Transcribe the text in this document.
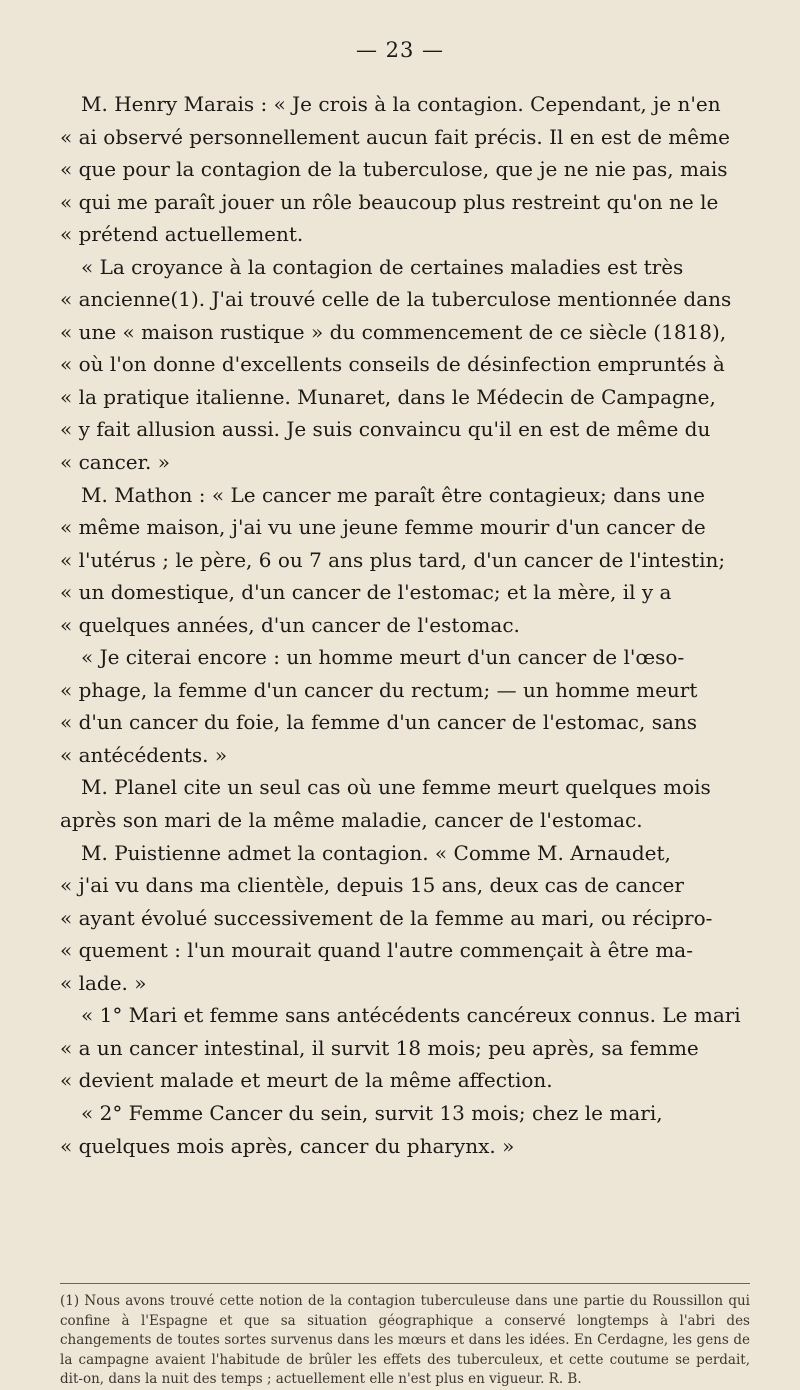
— 23 —
M. Henry Marais : « Je crois à la contagion. Cependant, je n'en
« ai observé personnellement aucun fait précis. Il en est de même
« que pour la contagion de la tuberculose, que je ne nie pas, mais
« qui me paraît jouer un rôle beaucoup plus restreint qu'on ne le
« prétend actuellement.
« La croyance à la contagion de certaines maladies est très
« ancienne(1). J'ai trouvé celle de la tuberculose mentionnée dans
« une « maison rustique » du commencement de ce siècle (1818),
« où l'on donne d'excellents conseils de désinfection empruntés à
« la pratique italienne. Munaret, dans le Médecin de Campagne,
« y fait allusion aussi. Je suis convaincu qu'il en est de même du
« cancer. »
M. Mathon : « Le cancer me paraît être contagieux; dans une
« même maison, j'ai vu une jeune femme mourir d'un cancer de
« l'utérus ; le père, 6 ou 7 ans plus tard, d'un cancer de l'intestin;
« un domestique, d'un cancer de l'estomac; et la mère, il y a
« quelques années, d'un cancer de l'estomac.
« Je citerai encore : un homme meurt d'un cancer de l'œso-
« phage, la femme d'un cancer du rectum; — un homme meurt
« d'un cancer du foie, la femme d'un cancer de l'estomac, sans
« antécédents. »
M. Planel cite un seul cas où une femme meurt quelques mois
après son mari de la même maladie, cancer de l'estomac.
M. Puistienne admet la contagion. « Comme M. Arnaudet,
« j'ai vu dans ma clientèle, depuis 15 ans, deux cas de cancer
« ayant évolué successivement de la femme au mari, ou récipro-
« quement : l'un mourait quand l'autre commençait à être ma-
« lade. »
« 1° Mari et femme sans antécédents cancéreux connus. Le mari
« a un cancer intestinal, il survit 18 mois; peu après, sa femme
« devient malade et meurt de la même affection.
« 2° Femme Cancer du sein, survit 13 mois; chez le mari,
« quelques mois après, cancer du pharynx. »
(1) Nous avons trouvé cette notion de la contagion tuberculeuse dans une partie du Roussillon qui confine à l'Espagne et que sa situation géographique a conservé longtemps à l'abri des changements de toutes sortes survenus dans les mœurs et dans les idées. En Cerdagne, les gens de la campagne avaient l'habitude de brûler les effets des tuberculeux, et cette coutume se perdait, dit-on, dans la nuit des temps ; actuellement elle n'est plus en vigueur. R. B.
